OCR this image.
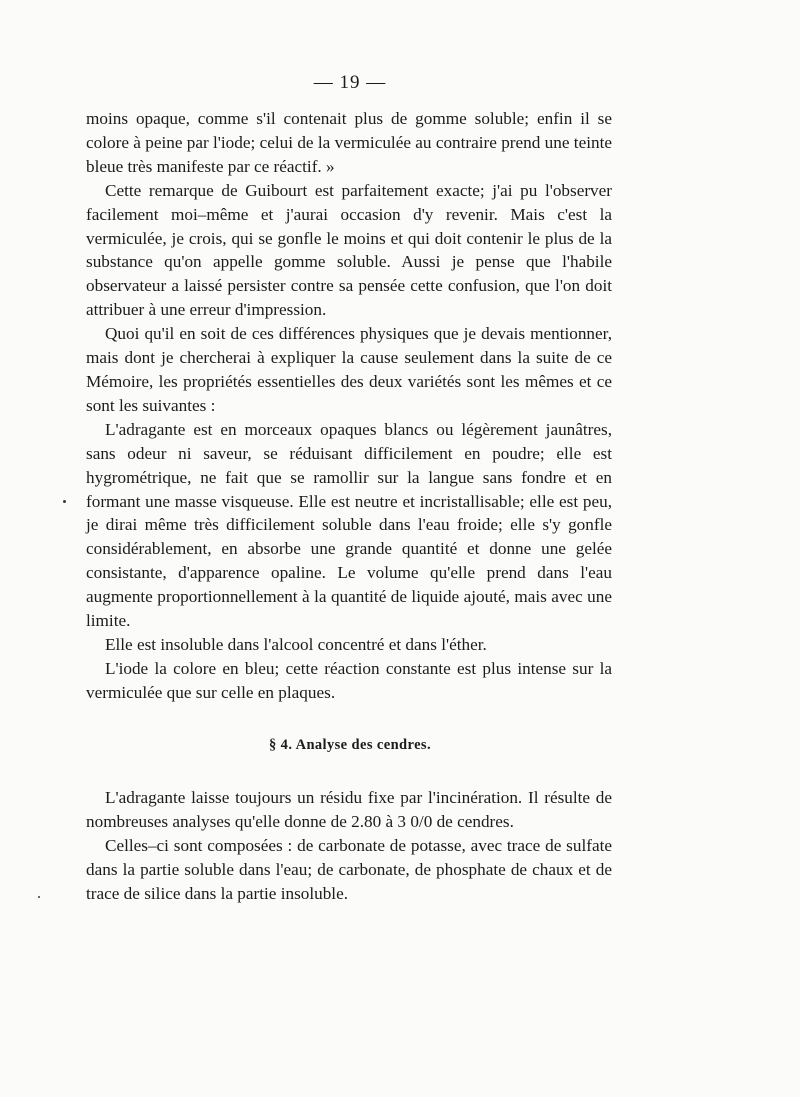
— 19 —

moins opaque, comme s'il contenait plus de gomme soluble; enfin il se colore à peine par l'iode; celui de la vermiculée au contraire prend une teinte bleue très manifeste par ce réactif. »

Cette remarque de Guibourt est parfaitement exacte; j'ai pu l'observer facilement moi–même et j'aurai occasion d'y revenir. Mais c'est la vermiculée, je crois, qui se gonfle le moins et qui doit contenir le plus de la substance qu'on appelle gomme soluble. Aussi je pense que l'habile observateur a laissé persister contre sa pensée cette confusion, que l'on doit attribuer à une erreur d'impression.

Quoi qu'il en soit de ces différences physiques que je devais mentionner, mais dont je chercherai à expliquer la cause seulement dans la suite de ce Mémoire, les propriétés essentielles des deux variétés sont les mêmes et ce sont les suivantes :

L'adragante est en morceaux opaques blancs ou légèrement jaunâtres, sans odeur ni saveur, se réduisant difficilement en poudre; elle est hygrométrique, ne fait que se ramollir sur la langue sans fondre et en formant une masse visqueuse. Elle est neutre et incristallisable; elle est peu, je dirai même très difficilement soluble dans l'eau froide; elle s'y gonfle considérablement, en absorbe une grande quantité et donne une gelée consistante, d'apparence opaline. Le volume qu'elle prend dans l'eau augmente proportionnellement à la quantité de liquide ajouté, mais avec une limite.

Elle est insoluble dans l'alcool concentré et dans l'éther.

L'iode la colore en bleu; cette réaction constante est plus intense sur la vermiculée que sur celle en plaques.

§ 4. Analyse des cendres.

L'adragante laisse toujours un résidu fixe par l'incinération. Il résulte de nombreuses analyses qu'elle donne de 2.80 à 3 0/0 de cendres.

Celles–ci sont composées : de carbonate de potasse, avec trace de sulfate dans la partie soluble dans l'eau; de carbonate, de phosphate de chaux et de trace de silice dans la partie insoluble.
